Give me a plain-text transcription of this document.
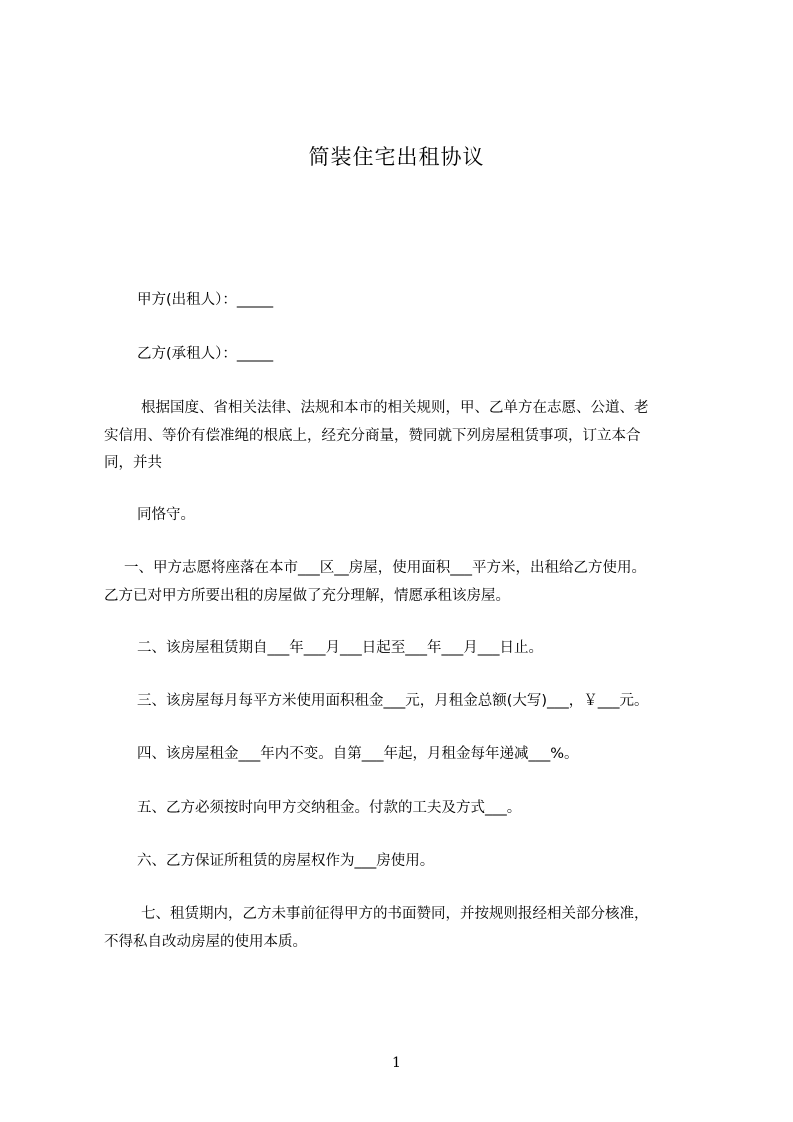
简装住宅出租协议

甲方(出租人）：_____

乙方(承租人）：_____

根据国度、省相关法律、法规和本市的相关规则，甲、乙单方在志愿、公道、老

实信用、等价有偿准绳的根底上，经充分商量，赞同就下列房屋租赁事项，订立本合

同，并共

同恪守。

一、甲方志愿将座落在本市___区__房屋，使用面积___平方米，出租给乙方使用。

乙方已对甲方所要出租的房屋做了充分理解，情愿承租该房屋。

二、该房屋租赁期自___年___月___日起至___年___月___日止。

三、该房屋每月每平方米使用面积租金___元，月租金总额(大写)___，￥___元。

四、该房屋租金___年内不变。自第___年起，月租金每年递减___%。

五、乙方必须按时向甲方交纳租金。付款的工夫及方式___。

六、乙方保证所租赁的房屋权作为___房使用。

七、租赁期内，乙方未事前征得甲方的书面赞同，并按规则报经相关部分核准，

不得私自改动房屋的使用本质。

1
